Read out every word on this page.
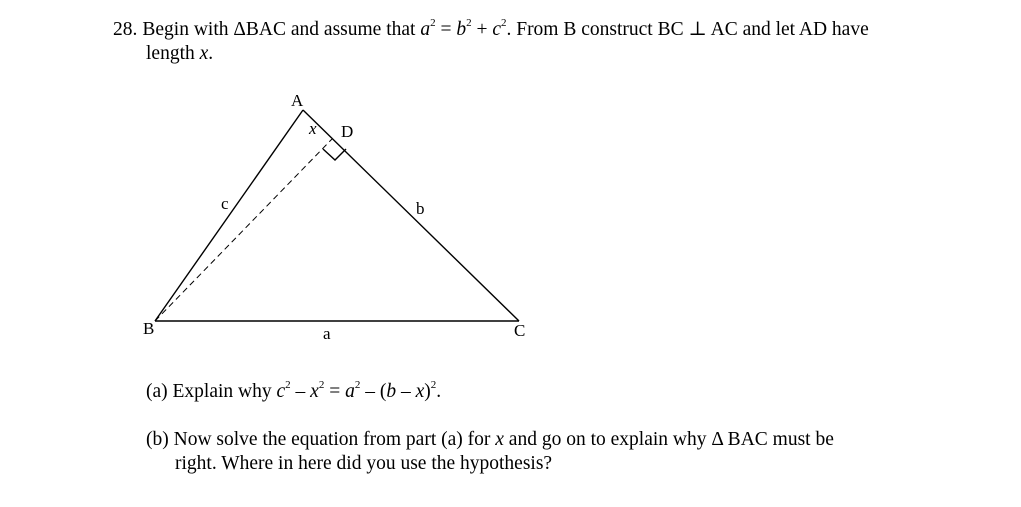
28. Begin with ΔBAC and assume that $a^2 = b^2 + c^2$. From B construct BC ⊥ AC and let AD have
length x.
A
B	C
D
x
c	b
a
(a) Explain why $c^2 - x^2 = a^2 - (b - x)^2$.
(b) Now solve the equation from part (a) for x and go on to explain why Δ BAC must be
right. Where in here did you use the hypothesis?
